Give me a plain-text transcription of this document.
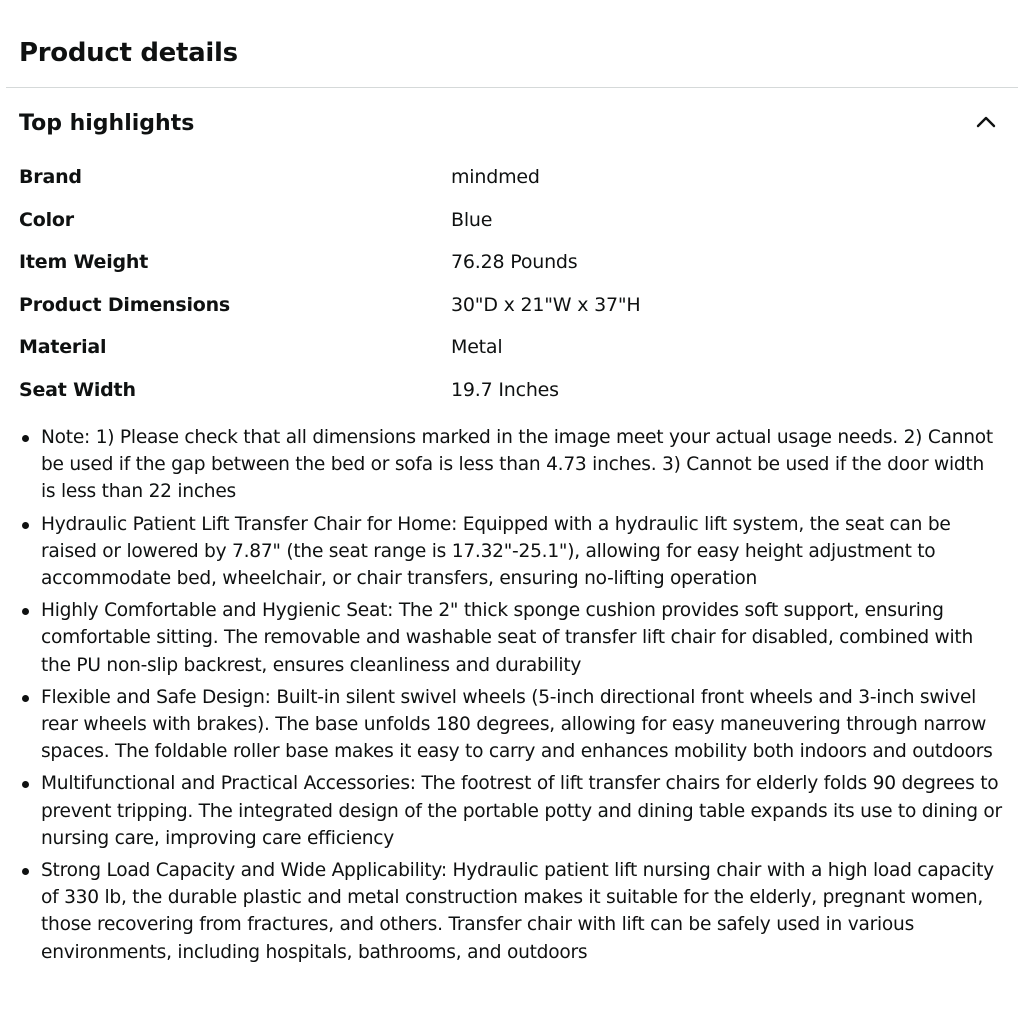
Product details
Top highlights
Brand	mindmed
Color	Blue
Item Weight	76.28 Pounds
Product Dimensions	30"D x 21"W x 37"H
Material	Metal
Seat Width	19.7 Inches
Note: 1) Please check that all dimensions marked in the image meet your actual usage needs. 2) Cannot be used if the gap between the bed or sofa is less than 4.73 inches. 3) Cannot be used if the door width is less than 22 inches
Hydraulic Patient Lift Transfer Chair for Home: Equipped with a hydraulic lift system, the seat can be raised or lowered by 7.87" (the seat range is 17.32"-25.1"), allowing for easy height adjustment to accommodate bed, wheelchair, or chair transfers, ensuring no-lifting operation
Highly Comfortable and Hygienic Seat: The 2" thick sponge cushion provides soft support, ensuring comfortable sitting. The removable and washable seat of transfer lift chair for disabled, combined with the PU non-slip backrest, ensures cleanliness and durability
Flexible and Safe Design: Built-in silent swivel wheels (5-inch directional front wheels and 3-inch swivel rear wheels with brakes). The base unfolds 180 degrees, allowing for easy maneuvering through narrow spaces. The foldable roller base makes it easy to carry and enhances mobility both indoors and outdoors
Multifunctional and Practical Accessories: The footrest of lift transfer chairs for elderly folds 90 degrees to prevent tripping. The integrated design of the portable potty and dining table expands its use to dining or nursing care, improving care efficiency
Strong Load Capacity and Wide Applicability: Hydraulic patient lift nursing chair with a high load capacity of 330 lb, the durable plastic and metal construction makes it suitable for the elderly, pregnant women, those recovering from fractures, and others. Transfer chair with lift can be safely used in various environments, including hospitals, bathrooms, and outdoors
